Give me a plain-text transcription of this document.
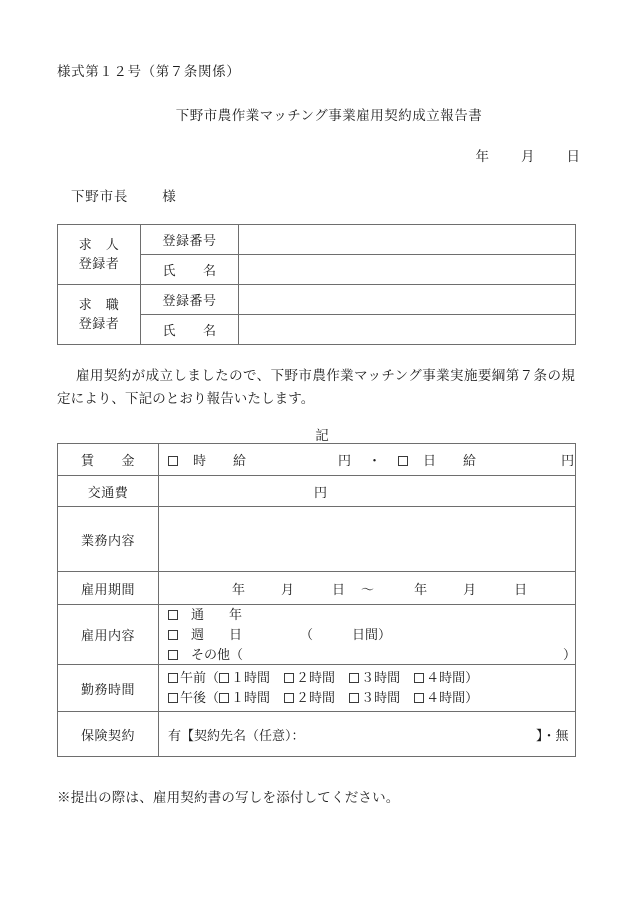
様式第１２号（第７条関係）
下野市農作業マッチング事業雇用契約成立報告書
年 月 日
下野市長	様
求　人
登録者	登録番号	
	氏　　名	

求　職
登録者	登録番号	
	氏　　名	
雇用契約が成立しましたので、下野市農作業マッチング事業実施要綱第７条の規定により、下記のとおり報告いたします。
記
賃　　金	時　給 円 ・ 日　給 円

交通費	円

業務内容	
雇用期間	年 月 日 ～ 年 月 日

雇用内容	通　年
週　日 （　　　日間）
その他（ ）

勤務時間	午前（ １時間 ２時間 ３時間 ４時間）
午後（ １時間 ２時間 ３時間 ４時間）

保険契約	有【契約先名（任意）： 】・無
※提出の際は、雇用契約書の写しを添付してください。
